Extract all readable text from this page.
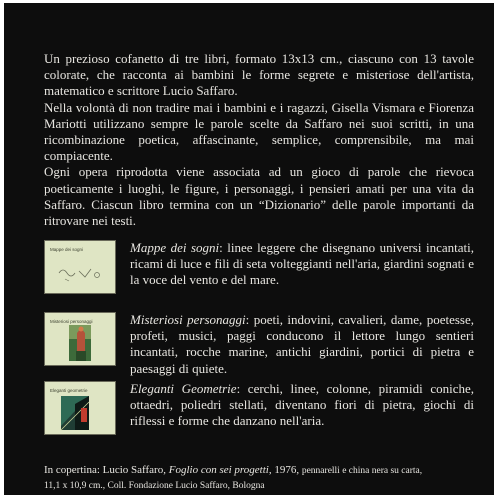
Un prezioso cofanetto di tre libri, formato 13x13 cm., ciascuno con 13 tavole colorate, che racconta ai bambini le forme segrete e misteriose dell'artista, matematico e scrittore Lucio Saffaro.

Nella volontà di non tradire mai i bambini e i ragazzi, Gisella Vismara e Fiorenza Mariotti utilizzano sempre le parole scelte da Saffaro nei suoi scritti, in una ricombinazione poetica, affascinante, semplice, comprensibile, ma mai compiacente.

Ogni opera riprodotta viene associata ad un gioco di parole che rievoca poeticamente i luoghi, le figure, i personaggi, i pensieri amati per una vita da Saffaro. Ciascun libro termina con un “Dizionario” delle parole importanti da ritrovare nei testi.

Mappe dei sogni	Mappe dei sogni: linee leggere che disegnano universi incantati, ricami di luce e fili di seta volteggianti nell'aria, giardini sognati e la voce del vento e del mare.
Misteriosi personaggi	Misteriosi personaggi: poeti, indovini, cavalieri, dame, poetesse, profeti, musici, paggi conducono il lettore lungo sentieri incantati, rocche marine, antichi giardini, portici di pietra e paesaggi di quiete.
Eleganti geometrie	Eleganti Geometrie: cerchi, linee, colonne, piramidi coniche, ottaedri, poliedri stellati, diventano fiori di pietra, giochi di riflessi e forme che danzano nell'aria.
In copertina: Lucio Saffaro, Foglio con sei progetti, 1976, pennarelli e china nera su carta,
11,1 x 10,9 cm., Coll. Fondazione Lucio Saffaro, Bologna
